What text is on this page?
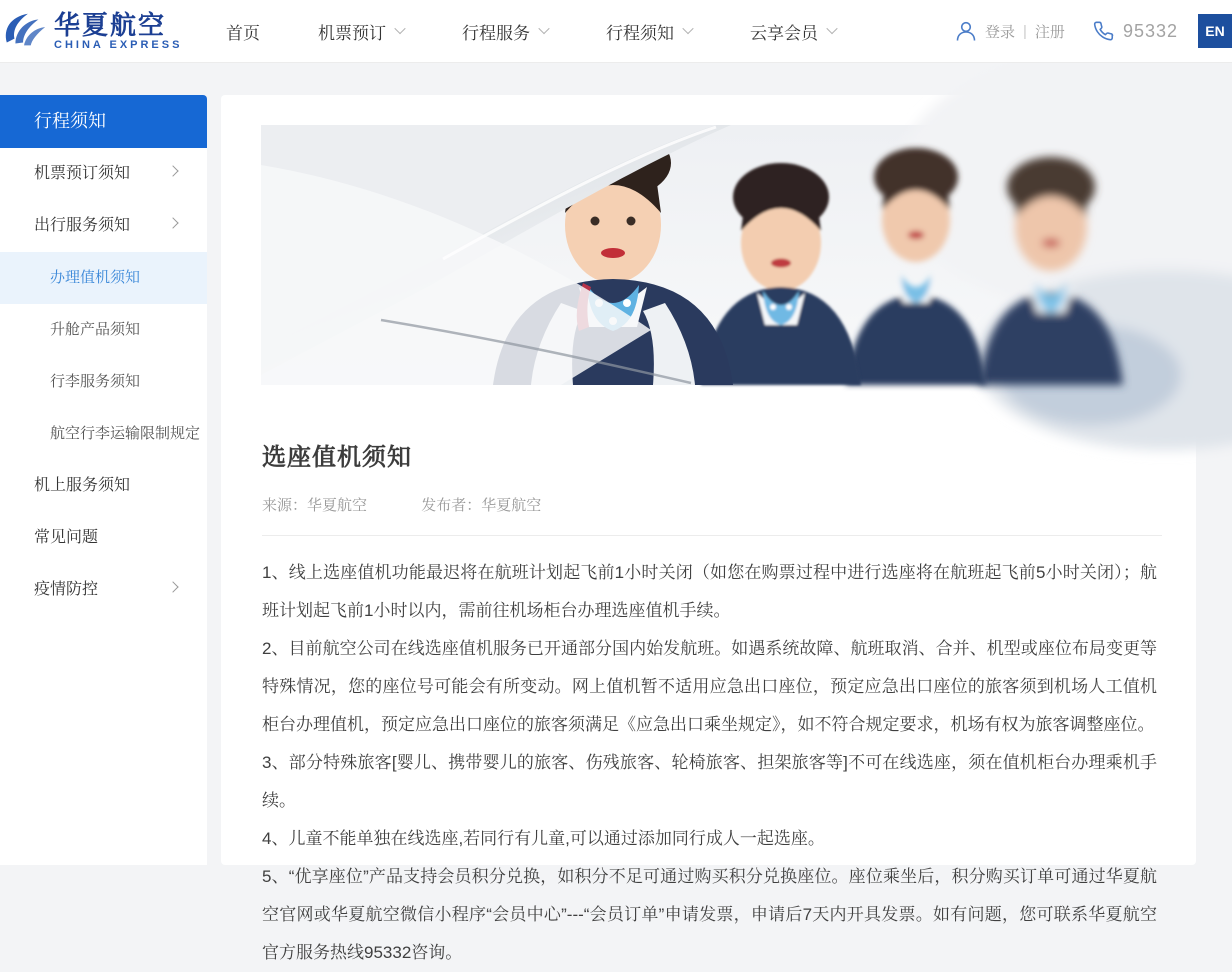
华夏航空
CHINA EXPRESS
首页	机票预订	行程服务	行程须知	云享会员	登录 | 注册	95332	EN
行程须知
机票预订须知
出行服务须知
办理值机须知
升舱产品须知
行李服务须知
航空行李运输限制规定
机上服务须知
常见问题
疫情防控
选座值机须知
来源：华夏航空	发布者：华夏航空

1、线上选座值机功能最迟将在航班计划起飞前1小时关闭（如您在购票过程中进行选座将在航班起飞前5小时关闭）；航班计划起飞前1小时以内，需前往机场柜台办理选座值机手续。

2、目前航空公司在线选座值机服务已开通部分国内始发航班。如遇系统故障、航班取消、合并、机型或座位布局变更等特殊情况，您的座位号可能会有所变动。网上值机暂不适用应急出口座位，预定应急出口座位的旅客须到机场人工值机柜台办理值机，预定应急出口座位的旅客须满足《应急出口乘坐规定》，如不符合规定要求，机场有权为旅客调整座位。

3、部分特殊旅客[婴儿、携带婴儿的旅客、伤残旅客、轮椅旅客、担架旅客等]不可在线选座，须在值机柜台办理乘机手续。

4、儿童不能单独在线选座,若同行有儿童,可以通过添加同行成人一起选座。

5、“优享座位”产品支持会员积分兑换，如积分不足可通过购买积分兑换座位。座位乘坐后，积分购买订单可通过华夏航空官网或华夏航空微信小程序“会员中心”---“会员订单”申请发票，申请后7天内开具发票。如有问题，您可联系华夏航空官方服务热线95332咨询。
